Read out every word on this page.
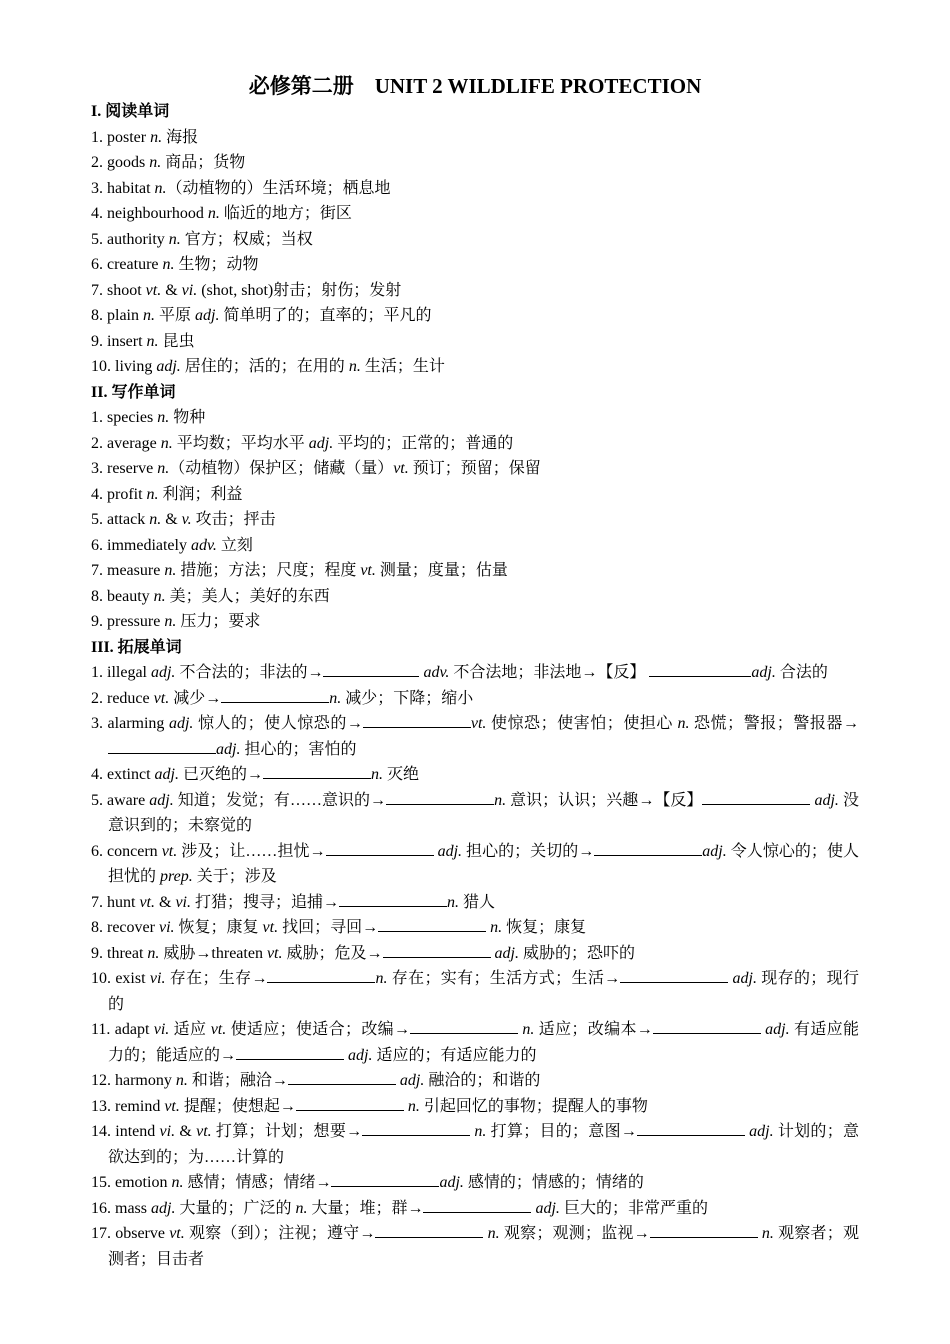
必修第二册　UNIT 2 WILDLIFE PROTECTION
I. 阅读单词
1. poster n. 海报
2. goods n. 商品；货物
3. habitat n.（动植物的）生活环境；栖息地
4. neighbourhood n. 临近的地方；街区
5. authority n. 官方；权威；当权
6. creature n. 生物；动物
7. shoot vt. & vi. (shot, shot)射击；射伤；发射
8. plain n. 平原 adj. 简单明了的；直率的；平凡的
9. insert n. 昆虫
10. living adj. 居住的；活的；在用的 n. 生活；生计
II. 写作单词
1. species n. 物种
2. average n. 平均数；平均水平 adj. 平均的；正常的；普通的
3. reserve n.（动植物）保护区；储藏（量）vt. 预订；预留；保留
4. profit n. 利润；利益
5. attack n. & v. 攻击；抨击
6. immediately adv. 立刻
7. measure n. 措施；方法；尺度；程度 vt. 测量；度量；估量
8. beauty n. 美；美人；美好的东西
9. pressure n. 压力；要求
III. 拓展单词
1. illegal adj. 不合法的；非法的→	adv. 不合法地；非法地→【反】	adj. 合法的
2. reduce vt. 减少→	n. 减少；下降；缩小
3. alarming adj. 惊人的；使人惊恐的→	vt. 使惊恐；使害怕；使担心 n. 恐慌；警报；警报器→adj. 担心的；害怕的
4. extinct adj. 已灭绝的→	n. 灭绝
5. aware adj. 知道；发觉；有……意识的→	n. 意识；认识；兴趣→【反】	adj. 没意识到的；未察觉的
6. concern vt. 涉及；让……担忧→	adj. 担心的；关切的→	adj. 令人惊心的；使人担忧的 prep. 关于；涉及
7. hunt vt. & vi. 打猎；搜寻；追捕→	n. 猎人
8. recover vi. 恢复；康复 vt. 找回；寻回→	n. 恢复；康复
9. threat n. 威胁→threaten vt. 威胁；危及→	adj. 威胁的；恐吓的
10. exist vi. 存在；生存→	n. 存在；实有；生活方式；生活→	adj. 现存的；现行的
11. adapt vi. 适应 vt. 使适应；使适合；改编→	n. 适应；改编本→	adj. 有适应能力的；能适应的→	adj. 适应的；有适应能力的
12. harmony n. 和谐；融洽→	adj. 融洽的；和谐的
13. remind vt. 提醒；使想起→	n. 引起回忆的事物；提醒人的事物
14. intend vi. & vt. 打算；计划；想要→	n. 打算；目的；意图→	adj. 计划的；意欲达到的；为……计算的
15. emotion n. 感情；情感；情绪→	adj. 感情的；情感的；情绪的
16. mass adj. 大量的；广泛的 n. 大量；堆；群→	adj. 巨大的；非常严重的
17. observe vt. 观察（到）；注视；遵守→	n. 观察；观测；监视→	n. 观察者；观测者；目击者
